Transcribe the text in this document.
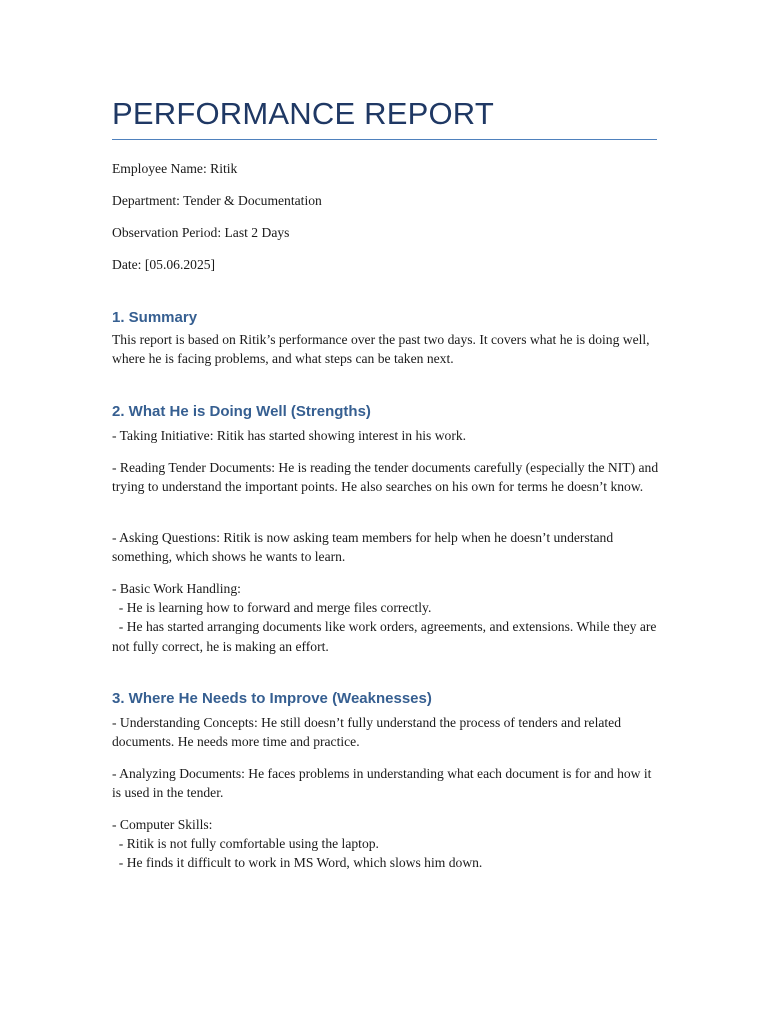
PERFORMANCE REPORT
Employee Name: Ritik
Department: Tender & Documentation
Observation Period: Last 2 Days
Date: [05.06.2025]
1. Summary
This report is based on Ritik’s performance over the past two days. It covers what he is doing well, where he is facing problems, and what steps can be taken next.
2. What He is Doing Well (Strengths)
- Taking Initiative: Ritik has started showing interest in his work.
- Reading Tender Documents: He is reading the tender documents carefully (especially the NIT) and trying to understand the important points. He also searches on his own for terms he doesn’t know.
- Asking Questions: Ritik is now asking team members for help when he doesn’t understand something, which shows he wants to learn.
- Basic Work Handling:
- He is learning how to forward and merge files correctly.
- He has started arranging documents like work orders, agreements, and extensions. While they are not fully correct, he is making an effort.
3. Where He Needs to Improve (Weaknesses)
- Understanding Concepts: He still doesn’t fully understand the process of tenders and related documents. He needs more time and practice.
- Analyzing Documents: He faces problems in understanding what each document is for and how it is used in the tender.
- Computer Skills:
- Ritik is not fully comfortable using the laptop.
- He finds it difficult to work in MS Word, which slows him down.
